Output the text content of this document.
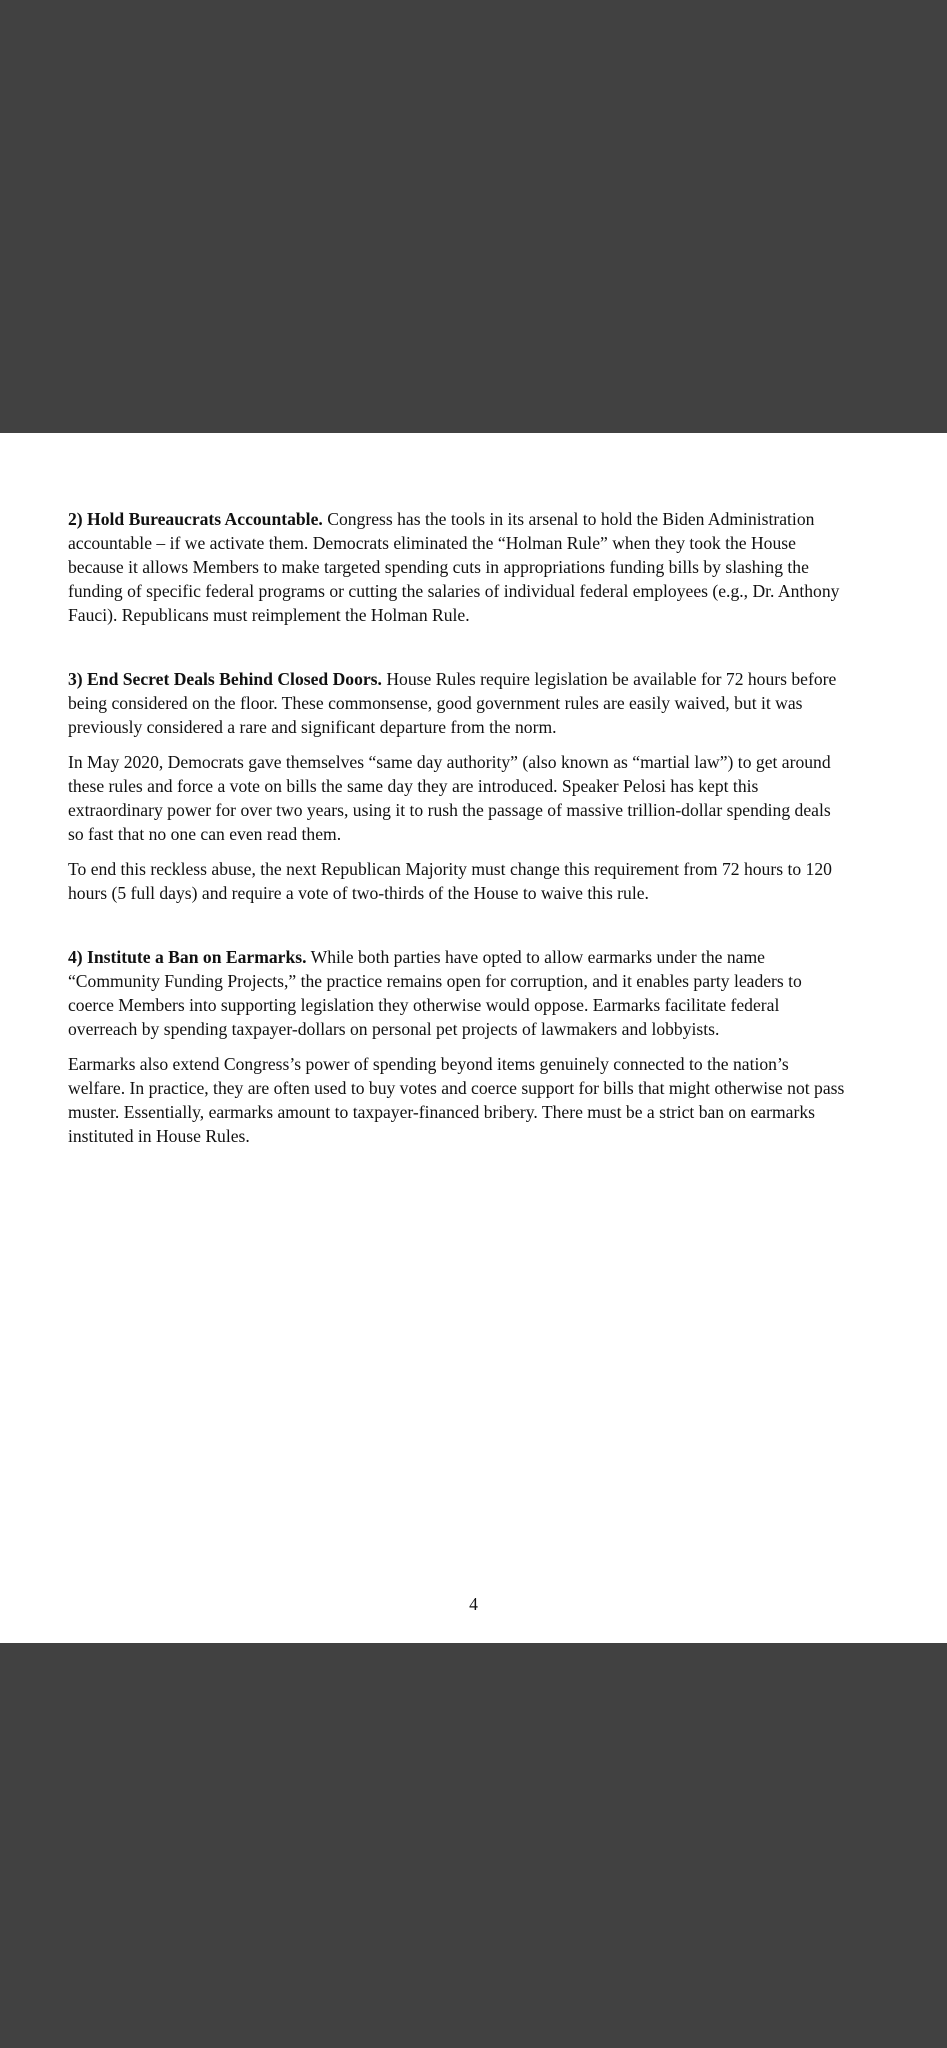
2) Hold Bureaucrats Accountable. Congress has the tools in its arsenal to hold the Biden Administration accountable – if we activate them. Democrats eliminated the “Holman Rule” when they took the House because it allows Members to make targeted spending cuts in appropriations funding bills by slashing the funding of specific federal programs or cutting the salaries of individual federal employees (e.g., Dr. Anthony Fauci). Republicans must reimplement the Holman Rule.

3) End Secret Deals Behind Closed Doors. House Rules require legislation be available for 72 hours before being considered on the floor. These commonsense, good government rules are easily waived, but it was previously considered a rare and significant departure from the norm.

In May 2020, Democrats gave themselves “same day authority” (also known as “martial law”) to get around these rules and force a vote on bills the same day they are introduced. Speaker Pelosi has kept this extraordinary power for over two years, using it to rush the passage of massive trillion-dollar spending deals so fast that no one can even read them.

To end this reckless abuse, the next Republican Majority must change this requirement from 72 hours to 120 hours (5 full days) and require a vote of two-thirds of the House to waive this rule.

4) Institute a Ban on Earmarks. While both parties have opted to allow earmarks under the name “Community Funding Projects,” the practice remains open for corruption, and it enables party leaders to coerce Members into supporting legislation they otherwise would oppose. Earmarks facilitate federal overreach by spending taxpayer-dollars on personal pet projects of lawmakers and lobbyists.

Earmarks also extend Congress’s power of spending beyond items genuinely connected to the nation’s welfare. In practice, they are often used to buy votes and coerce support for bills that might otherwise not pass muster. Essentially, earmarks amount to taxpayer-financed bribery. There must be a strict ban on earmarks instituted in House Rules.

4
